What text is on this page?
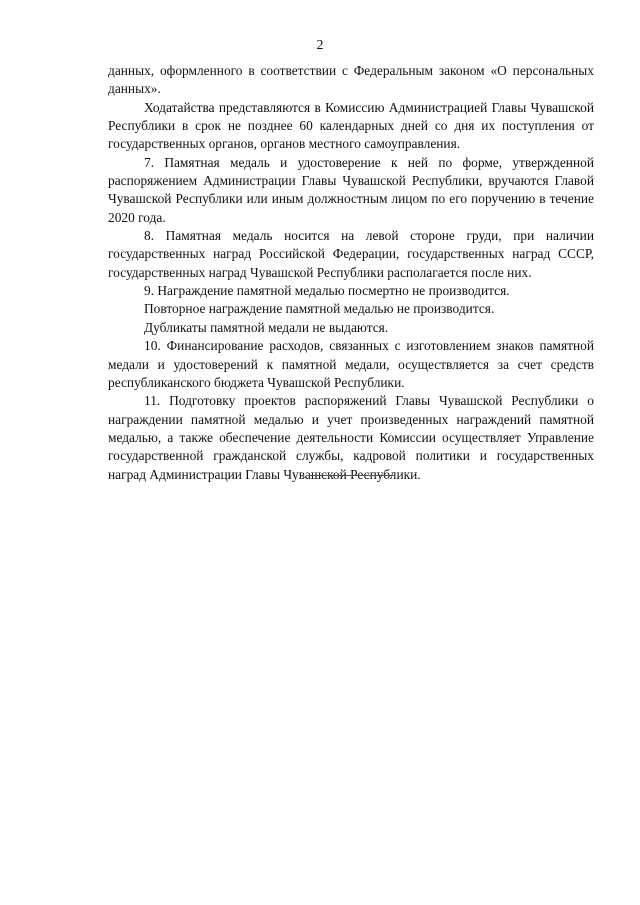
2

данных, оформленного в соответствии с Федеральным законом «О персональных данных».

Ходатайства представляются в Комиссию Администрацией Главы Чувашской Республики в срок не позднее 60 календарных дней со дня их поступления от государственных органов, органов местного самоуправления.

7. Памятная медаль и удостоверение к ней по форме, утвержденной распоряжением Администрации Главы Чувашской Республики, вручаются Главой Чувашской Республики или иным должностным лицом по его поручению в течение 2020 года.

8. Памятная медаль носится на левой стороне груди, при наличии государственных наград Российской Федерации, государственных наград СССР, государственных наград Чувашской Республики располагается после них.

9. Награждение памятной медалью посмертно не производится.

Повторное награждение памятной медалью не производится.

Дубликаты памятной медали не выдаются.

10. Финансирование расходов, связанных с изготовлением знаков памятной медали и удостоверений к памятной медали, осуществляется за счет средств республиканского бюджета Чувашской Республики.

11. Подготовку проектов распоряжений Главы Чувашской Республики о награждении памятной медалью и учет произведенных награждений памятной медалью, а также обеспечение деятельности Комиссии осуществляет Управление государственной гражданской службы, кадровой политики и государственных наград Администрации Главы Чувашской Республики.
